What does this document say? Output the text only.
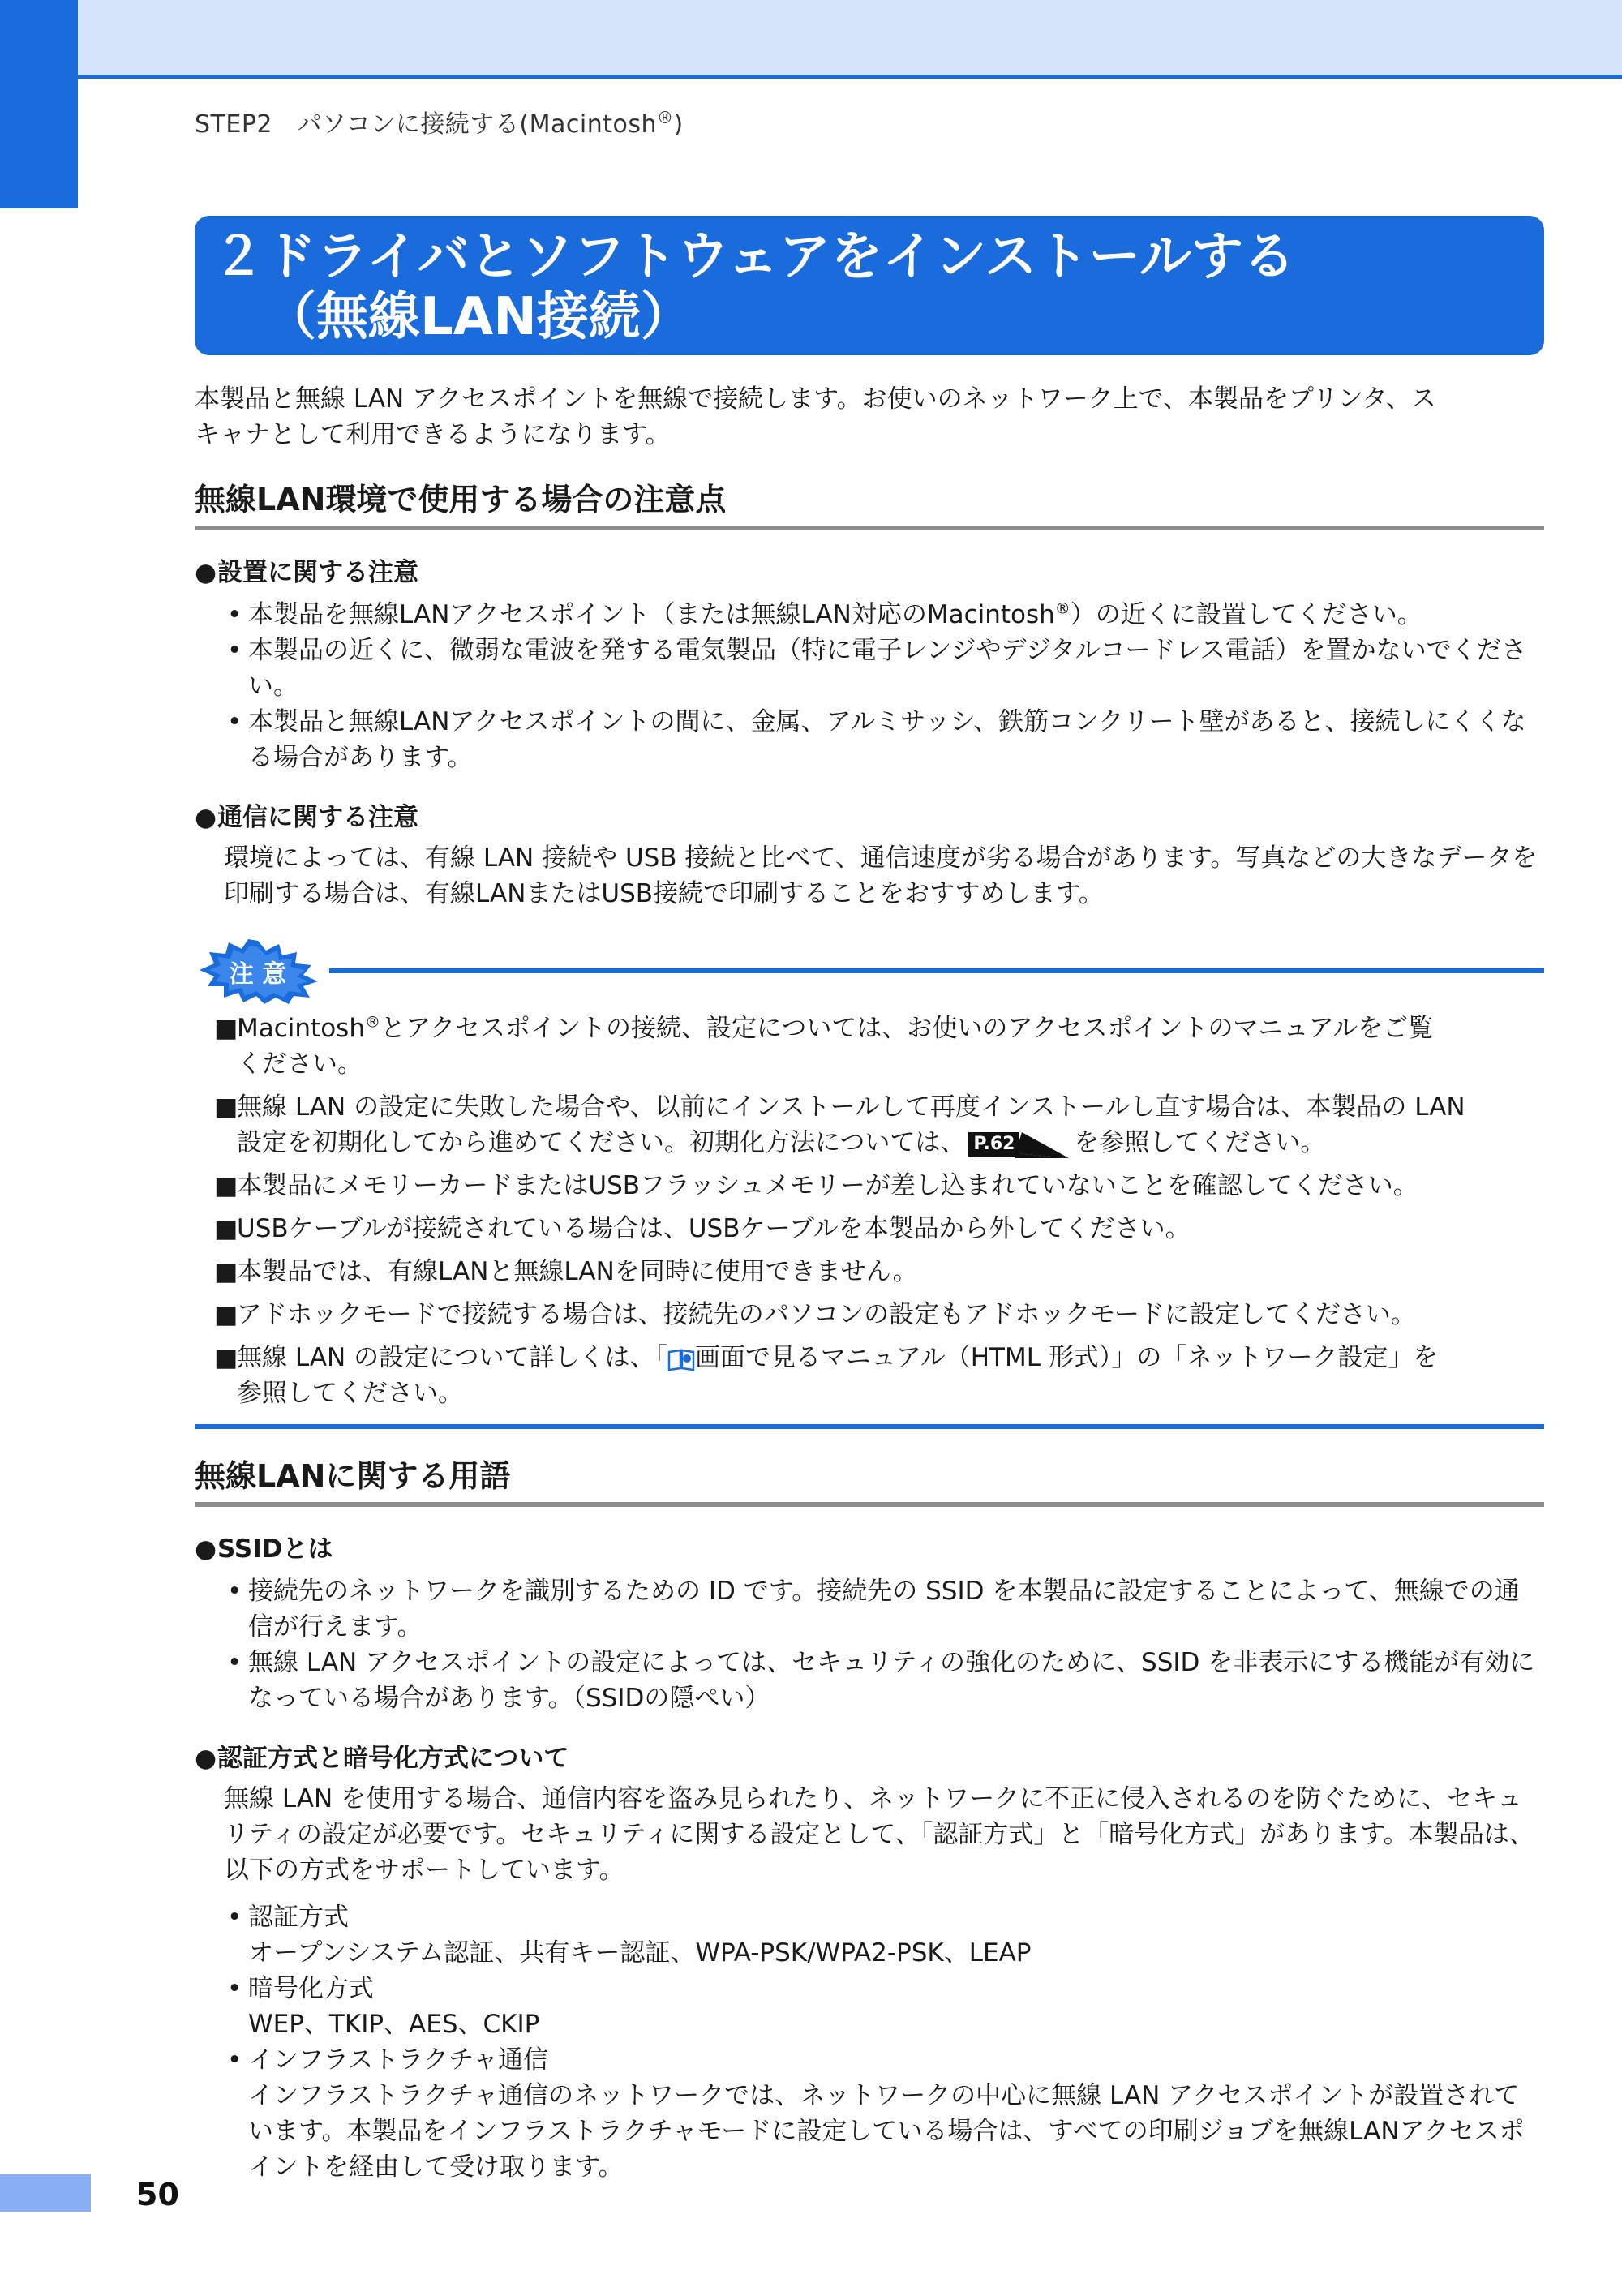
STEP2　パソコンに接続する(Macintosh®)
２ドライバとソフトウェアをインストールする
（無線LAN接続）

本製品と無線 LAN アクセスポイントを無線で接続します。お使いのネットワーク上で、本製品をプリンタ、ス

キャナとして利用できるようになります。

無線LAN環境で使用する場合の注意点
●設置に関する注意
• 本製品を無線LANアクセスポイント（または無線LAN対応のMacintosh®）の近くに設置してください。
• 本製品の近くに、微弱な電波を発する電気製品（特に電子レンジやデジタルコードレス電話）を置かないでください。
• 本製品と無線LANアクセスポイントの間に、金属、アルミサッシ、鉄筋コンクリート壁があると、接続しにくくなる場合があります。
●通信に関する注意
環境によっては、有線 LAN 接続や USB 接続と比べて、通信速度が劣る場合があります。写真などの大きなデータを印刷する場合は、有線LANまたはUSB接続で印刷することをおすすめします。
注 意
■Macintosh®とアクセスポイントの接続、設定については、お使いのアクセスポイントのマニュアルをご覧
ください。
■無線 LAN の設定に失敗した場合や、以前にインストールして再度インストールし直す場合は、本製品の LAN
設定を初期化してから進めてください。初期化方法については、 P.62 を参照してください。
■本製品にメモリーカードまたはUSBフラッシュメモリーが差し込まれていないことを確認してください。
■USBケーブルが接続されている場合は、USBケーブルを本製品から外してください。
■本製品では、有線LANと無線LANを同時に使用できません。
■アドホックモードで接続する場合は、接続先のパソコンの設定もアドホックモードに設定してください。
■無線 LAN の設定について詳しくは、「 画面で見るマニュアル（HTML 形式）」の「ネットワーク設定」を
参照してください。
無線LANに関する用語
●SSIDとは
• 接続先のネットワークを識別するための ID です。接続先の SSID を本製品に設定することによって、無線での通信が行えます。
• 無線 LAN アクセスポイントの設定によっては、セキュリティの強化のために、SSID を非表示にする機能が有効になっている場合があります。（SSIDの隠ぺい）
●認証方式と暗号化方式について
無線 LAN を使用する場合、通信内容を盗み見られたり、ネットワークに不正に侵入されるのを防ぐために、セキュリティの設定が必要です。セキュリティに関する設定として、「認証方式」と「暗号化方式」があります。本製品は、以下の方式をサポートしています。
• 認証方式
オープンシステム認証、共有キー認証、WPA-PSK/WPA2-PSK、LEAP
• 暗号化方式
WEP、TKIP、AES、CKIP
• インフラストラクチャ通信
インフラストラクチャ通信のネットワークでは、ネットワークの中心に無線 LAN アクセスポイントが設置されています。本製品をインフラストラクチャモードに設定している場合は、すべての印刷ジョブを無線LANアクセスポイントを経由して受け取ります。
50
